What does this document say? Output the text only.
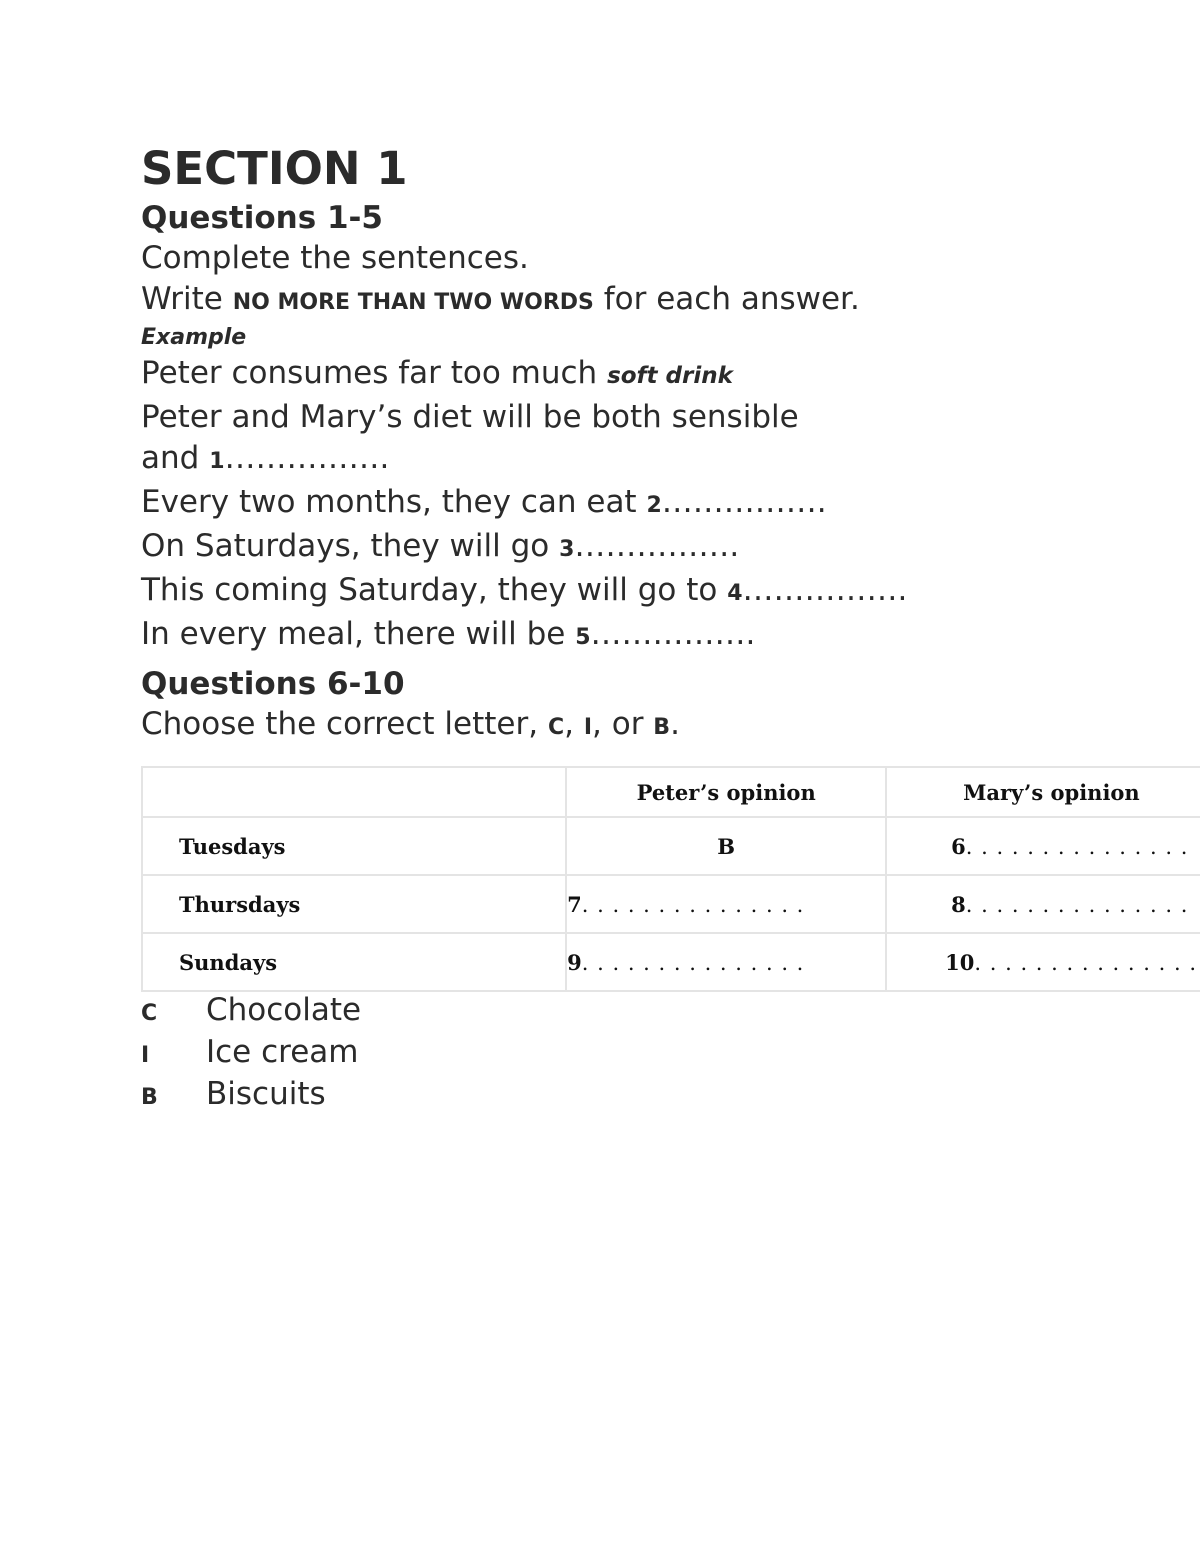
SECTION 1
Questions 1-5

Complete the sentences.

Write NO MORE THAN TWO WORDS for each answer.

Example

Peter consumes far too much soft drink

Peter and Mary’s diet will be both sensible

and 1…………….

Every two months, they can eat 2…………….

On Saturdays, they will go 3…………….

This coming Saturday, they will go to 4…………….

In every meal, there will be 5…………….

Questions 6-10

Choose the correct letter, C, I, or B.

	Peter’s opinion	Mary’s opinion
Tuesdays	B	6. . . . . . . . . . . . . . .
Thursdays	7. . . . . . . . . . . . . . .	8. . . . . . . . . . . . . . .
Sundays	9. . . . . . . . . . . . . . .	10. . . . . . . . . . . . . . .
C	Chocolate
I	Ice cream
B	Biscuits
